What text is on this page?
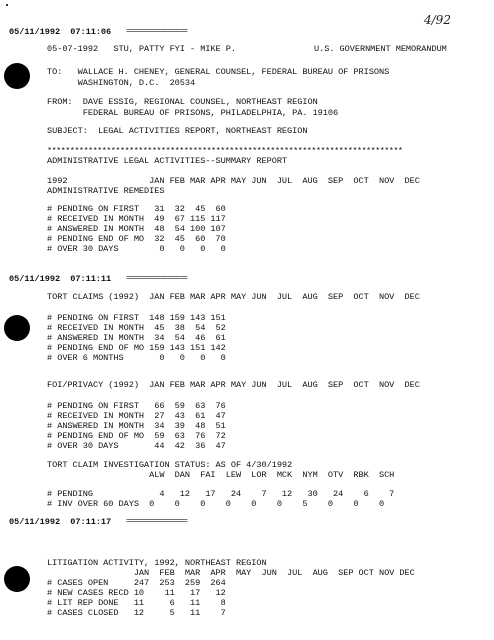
4/92
05/11/1992  07:11:06 ================
05-07-1992   STU, PATTY FYI - MIKE P.	U.S. GOVERNMENT MEMORANDUM
TO:   WALLACE H. CHENEY, GENERAL COUNSEL, FEDERAL BUREAU OF PRISONS
WASHINGTON, D.C.  20534
FROM:  DAVE ESSIG, REGIONAL COUNSEL, NORTHEAST REGION
FEDERAL BUREAU OF PRISONS, PHILADELPHIA, PA. 19106
SUBJECT:  LEGAL ACTIVITIES REPORT, NORTHEAST REGION
******************************************************************************
ADMINISTRATIVE LEGAL ACTIVITIES--SUMMARY REPORT
1992                JAN FEB MAR APR MAY JUN  JUL  AUG  SEP  OCT  NOV  DEC
ADMINISTRATIVE REMEDIES
# PENDING ON FIRST   31  32  45  60
# RECEIVED IN MONTH  49  67 115 117
# ANSWERED IN MONTH  48  54 100 107
# PENDING END OF MO  32  45  60  70
# OVER 30 DAYS        0   0   0   0
05/11/1992  07:11:11 ================
TORT CLAIMS (1992)  JAN FEB MAR APR MAY JUN  JUL  AUG  SEP  OCT  NOV  DEC
# PENDING ON FIRST  148 159 143 151
# RECEIVED IN MONTH  45  38  54  52
# ANSWERED IN MONTH  34  54  46  61
# PENDING END OF MO 159 143 151 142
# OVER 6 MONTHS       0   0   0   0
FOI/PRIVACY (1992)  JAN FEB MAR APR MAY JUN  JUL  AUG  SEP  OCT  NOV  DEC
# PENDING ON FIRST   66  59  63  76
# RECEIVED IN MONTH  27  43  61  47
# ANSWERED IN MONTH  34  39  48  51
# PENDING END OF MO  59  63  76  72
# OVER 30 DAYS       44  42  36  47
TORT CLAIM INVESTIGATION STATUS: AS OF 4/30/1992
ALW  DAN  FAI  LEW  LOR  MCK  NYM  OTV  RBK  SCH
# PENDING             4   12   17   24    7   12   30   24    6    7
# INV OVER 60 DAYS  0    0    0    0    0    0    5    0    0    0
05/11/1992  07:11:17 ================
LITIGATION ACTIVITY, 1992, NORTHEAST REGION
JAN  FEB  MAR  APR  MAY  JUN  JUL  AUG  SEP OCT NOV DEC
# CASES OPEN     247  253  259  264
# NEW CASES RECD 10    11   17   12
# LIT REP DONE   11     6   11    8
# CASES CLOSED   12     5   11    7
